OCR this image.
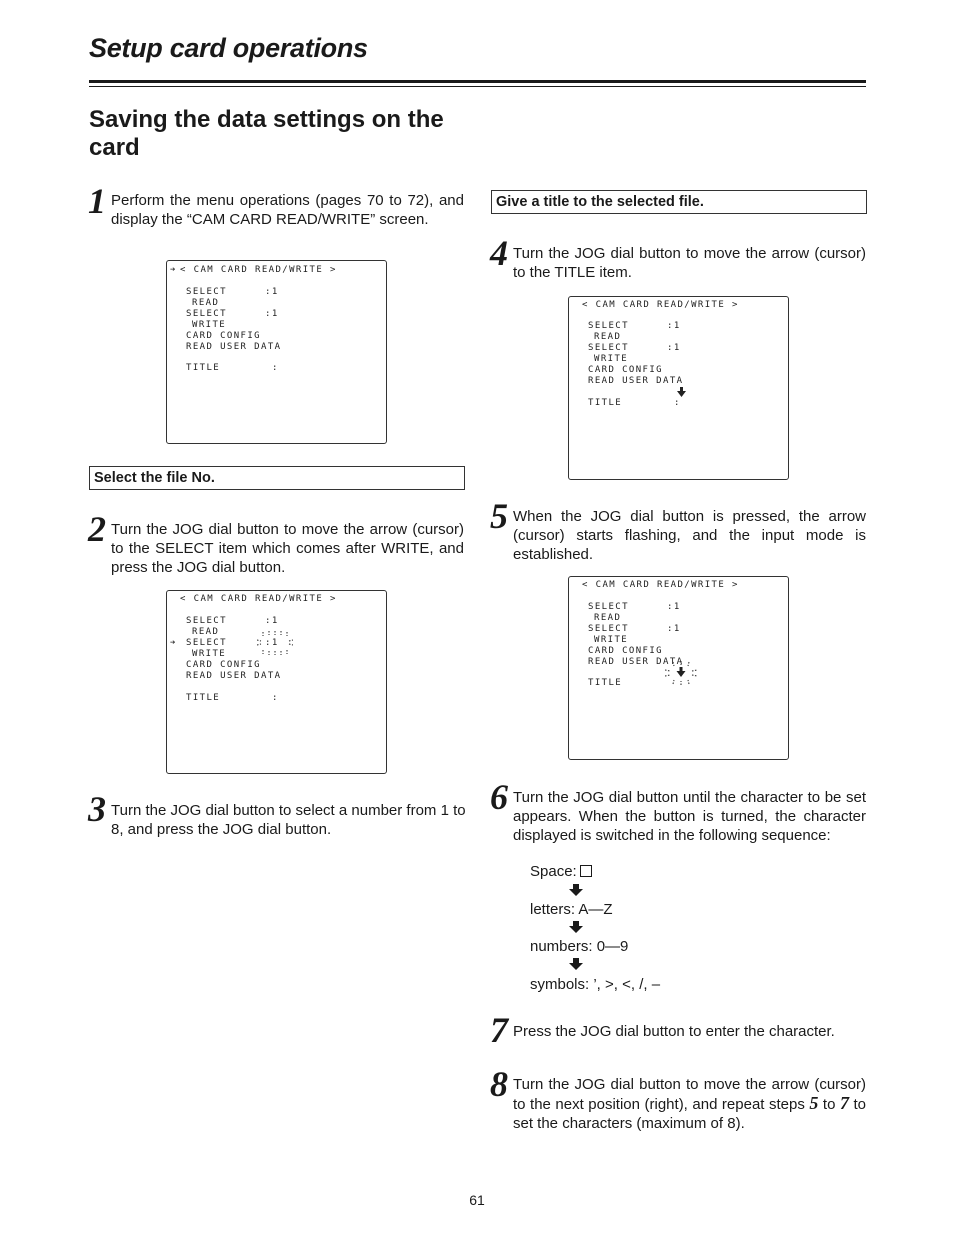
Setup card operations
Saving the data settings on the card
1 Perform the menu operations (pages 70 to 72), and display the “CAM CARD READ/WRITE” screen.
➔ < CAM CARD READ/WRITE >
SELECT	:1
READ
SELECT	:1
WRITE
CARD CONFIG
READ USER DATA
TITLE	:
Select the file No.
2 Turn the JOG dial button to move the arrow (cursor) to the SELECT item which comes after WRITE, and press the JOG dial button.
< CAM CARD READ/WRITE >
SELECT	:1
READ
➔ SELECT	:1
WRITE
CARD CONFIG
READ USER DATA
TITLE	:
3 Turn the JOG dial button to select a number from 1 to 8, and press the JOG dial button.
Give a title to the selected file.
4 Turn the JOG dial button to move the arrow (cursor) to the TITLE item.
< CAM CARD READ/WRITE >
SELECT	:1
READ
SELECT	:1
WRITE
CARD CONFIG
READ USER DATA
TITLE	:
5 When the JOG dial button is pressed, the arrow (cursor) starts flashing, and the input mode is established.
< CAM CARD READ/WRITE >
SELECT	:1
READ
SELECT	:1
WRITE
CARD CONFIG
READ USER DATA
TITLE
6 Turn the JOG dial button until the character to be set appears. When the button is turned, the character displayed is switched in the following sequence:
Space:
letters: A—Z
numbers: 0—9
symbols: ’, >, <, /, –
7 Press the JOG dial button to enter the character.
8 Turn the JOG dial button to move the arrow (cursor) to the next position (right), and repeat steps 5 to 7 to set the characters (maximum of 8).
61
